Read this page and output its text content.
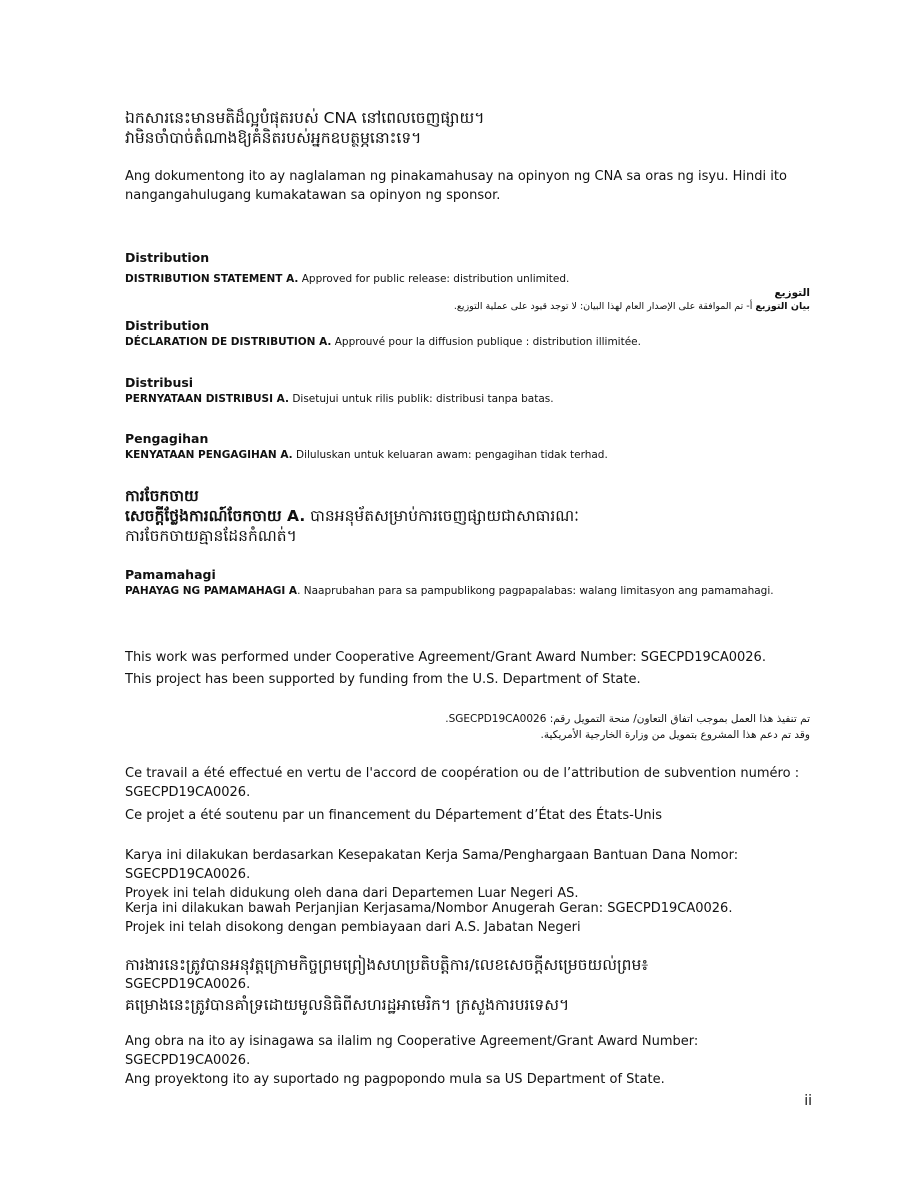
ឯកសារនេះមានមតិដ៏ល្អបំផុតរបស់ CNA នៅពេលចេញផ្សាយ។
វាមិនចាំបាច់តំណាងឱ្យគំនិតរបស់អ្នកឧបត្ថម្ភនោះទេ។
Ang dokumentong ito ay naglalaman ng pinakamahusay na opinyon ng CNA sa oras ng isyu. Hindi ito
nangangahulugang kumakatawan sa opinyon ng sponsor.
Distribution
DISTRIBUTION STATEMENT A. Approved for public release: distribution unlimited.
التوزيع
بيان التوزيع أ- تم الموافقة على الإصدار العام لهذا البيان: لا توجد قيود على عملية التوزيع.
Distribution
DÉCLARATION DE DISTRIBUTION A. Approuvé pour la diffusion publique : distribution illimitée.
Distribusi
PERNYATAAN DISTRIBUSI A. Disetujui untuk rilis publik: distribusi tanpa batas.
Pengagihan
KENYATAAN PENGAGIHAN A. Diluluskan untuk keluaran awam: pengagihan tidak terhad.
ការចែកចាយ
សេចក្តីថ្លែងការណ៍ចែកចាយ A. បានអនុម័តសម្រាប់ការចេញផ្សាយជាសាធារណៈ
ការចែកចាយគ្មានដែនកំណត់។
Pamamahagi
PAHAYAG NG PAMAMAHAGI A. Naaprubahan para sa pampublikong pagpapalabas: walang limitasyon ang pamamahagi.
This work was performed under Cooperative Agreement/Grant Award Number: SGECPD19CA0026.
This project has been supported by funding from the U.S. Department of State.
تم تنفيذ هذا العمل بموجب اتفاق التعاون/ منحة التمويل رقم: SGECPD19CA0026.
وقد تم دعم هذا المشروع بتمويل من وزارة الخارجية الأمريكية.
Ce travail a été effectué en vertu de l'accord de coopération ou de l’attribution de subvention numéro :
SGECPD19CA0026.
Ce projet a été soutenu par un financement du Département d’État des États-Unis
Karya ini dilakukan berdasarkan Kesepakatan Kerja Sama/Penghargaan Bantuan Dana Nomor: SGECPD19CA0026.
Proyek ini telah didukung oleh dana dari Departemen Luar Negeri AS.
Kerja ini dilakukan bawah Perjanjian Kerjasama/Nombor Anugerah Geran: SGECPD19CA0026.
Projek ini telah disokong dengan pembiayaan dari A.S. Jabatan Negeri
ការងារនេះត្រូវបានអនុវត្តក្រោមកិច្ចព្រមព្រៀងសហប្រតិបត្តិការ/លេខសេចក្តីសម្រេចយល់ព្រម៖
SGECPD19CA0026.
គម្រោងនេះត្រូវបានគាំទ្រដោយមូលនិធិពីសហរដ្ឋអាមេរិក។ ក្រសួងការបរទេស។
Ang obra na ito ay isinagawa sa ilalim ng Cooperative Agreement/Grant Award Number: SGECPD19CA0026.
Ang proyektong ito ay suportado ng pagpopondo mula sa US Department of State.
ii
